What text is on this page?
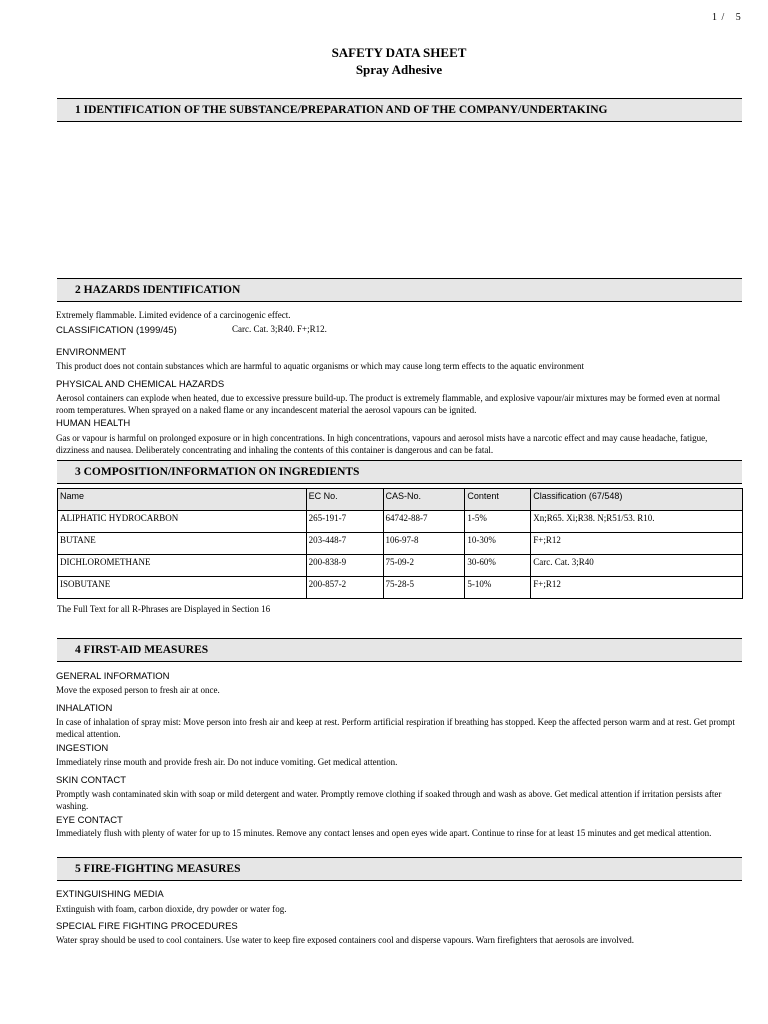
1 / 5
SAFETY DATA SHEET
Spray Adhesive
1 IDENTIFICATION OF THE SUBSTANCE/PREPARATION AND OF THE COMPANY/UNDERTAKING
2 HAZARDS IDENTIFICATION
Extremely flammable. Limited evidence of a carcinogenic effect.
CLASSIFICATION (1999/45)	Carc. Cat. 3;R40. F+;R12.
ENVIRONMENT
This product does not contain substances which are harmful to aquatic organisms or which may cause long term effects to the aquatic environment
PHYSICAL AND CHEMICAL HAZARDS
Aerosol containers can explode when heated, due to excessive pressure build-up. The product is extremely flammable, and explosive vapour/air mixtures may be formed even at normal room temperatures. When sprayed on a naked flame or any incandescent material the aerosol vapours can be ignited.
HUMAN HEALTH
Gas or vapour is harmful on prolonged exposure or in high concentrations. In high concentrations, vapours and aerosol mists have a narcotic effect and may cause headache, fatigue, dizziness and nausea. Deliberately concentrating and inhaling the contents of this container is dangerous and can be fatal.
3 COMPOSITION/INFORMATION ON INGREDIENTS
Name	EC No.	CAS-No.	Content	Classification (67/548)
ALIPHATIC HYDROCARBON	265-191-7	64742-88-7	1-5%	Xn;R65. Xi;R38. N;R51/53. R10.
BUTANE	203-448-7	106-97-8	10-30%	F+;R12
DICHLOROMETHANE	200-838-9	75-09-2	30-60%	Carc. Cat. 3;R40
ISOBUTANE	200-857-2	75-28-5	5-10%	F+;R12
The Full Text for all R-Phrases are Displayed in Section 16
4 FIRST-AID MEASURES
GENERAL INFORMATION
Move the exposed person to fresh air at once.
INHALATION
In case of inhalation of spray mist: Move person into fresh air and keep at rest. Perform artificial respiration if breathing has stopped. Keep the affected person warm and at rest. Get prompt medical attention.
INGESTION
Immediately rinse mouth and provide fresh air. Do not induce vomiting. Get medical attention.
SKIN CONTACT
Promptly wash contaminated skin with soap or mild detergent and water. Promptly remove clothing if soaked through and wash as above. Get medical attention if irritation persists after washing.
EYE CONTACT
Immediately flush with plenty of water for up to 15 minutes. Remove any contact lenses and open eyes wide apart. Continue to rinse for at least 15 minutes and get medical attention.
5 FIRE-FIGHTING MEASURES
EXTINGUISHING MEDIA
Extinguish with foam, carbon dioxide, dry powder or water fog.
SPECIAL FIRE FIGHTING PROCEDURES
Water spray should be used to cool containers. Use water to keep fire exposed containers cool and disperse vapours. Warn firefighters that aerosols are involved.
